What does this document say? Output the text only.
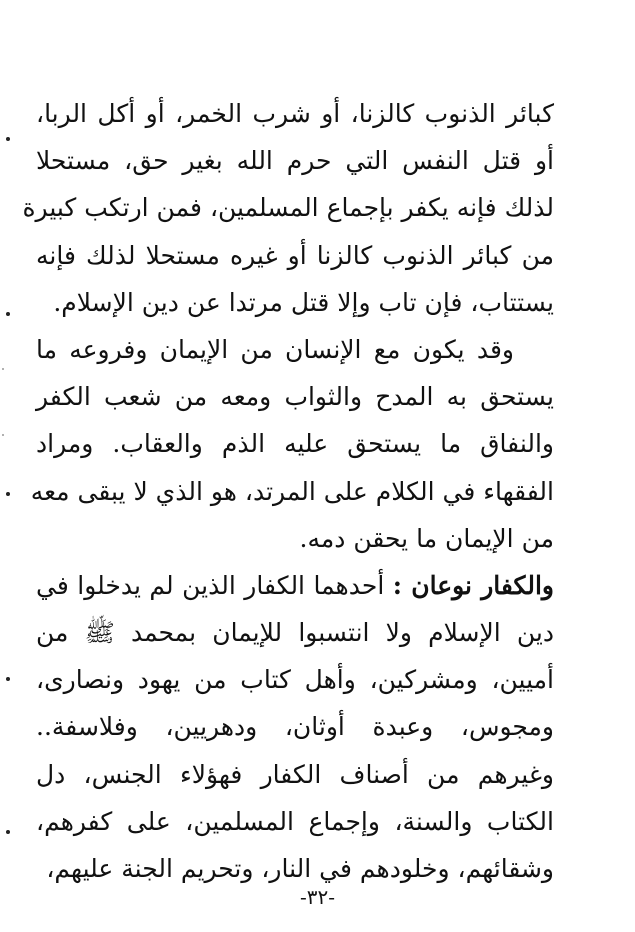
كبائر الذنوب كالزنا، أو شرب الخمر، أو أكل الربا،
أو قتل النفس التي حرم الله بغير حق، مستحلا
لذلك فإنه يكفر بإجماع المسلمين، فمن ارتكب كبيرة
من كبائر الذنوب كالزنا أو غيره مستحلا لذلك فإنه
يستتاب، فإن تاب وإلا قتل مرتدا عن دين الإسلام.
وقد يكون مع الإنسان من الإيمان وفروعه ما
يستحق به المدح والثواب ومعه من شعب الكفر
والنفاق ما يستحق عليه الذم والعقاب. ومراد
الفقهاء في الكلام على المرتد، هو الذي لا يبقى معه
من الإيمان ما يحقن دمه.
والكفار نوعان : أحدهما الكفار الذين لم يدخلوا في
دين الإسلام ولا انتسبوا للإيمان بمحمد ﷺ من
أميين، ومشركين، وأهل كتاب من يهود ونصارى،
ومجوس، وعبدة أوثان، ودهريين، وفلاسفة..
وغيرهم من أصناف الكفار فهؤلاء الجنس، دل
الكتاب والسنة، وإجماع المسلمين، على كفرهم،
وشقائهم، وخلودهم في النار، وتحريم الجنة عليهم،
-٣٢-
